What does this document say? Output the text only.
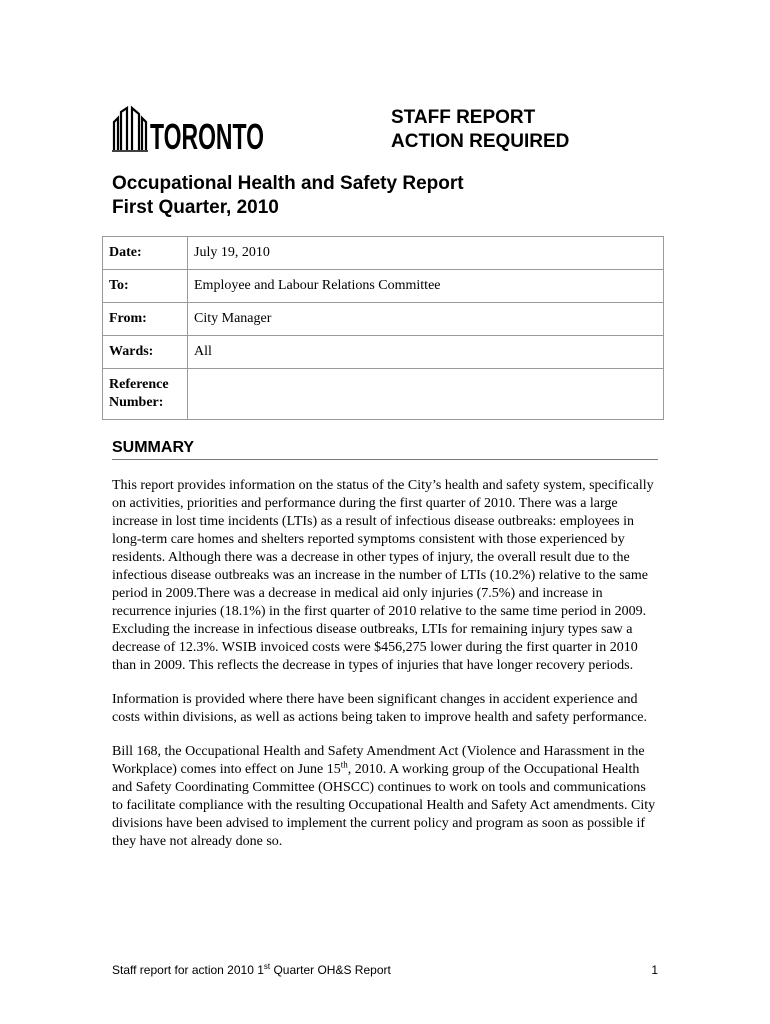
TORONTO	STAFF REPORT
ACTION REQUIRED
Occupational Health and Safety Report
First Quarter, 2010
Date:	July 19, 2010
To:	Employee and Labour Relations Committee
From:	City Manager
Wards:	All

Reference
Number:	

SUMMARY

This report provides information on the status of the City’s health and safety system, specifically on activities, priorities and performance during the first quarter of 2010. There was a large increase in lost time incidents (LTIs) as a result of infectious disease outbreaks: employees in long-term care homes and shelters reported symptoms consistent with those experienced by residents. Although there was a decrease in other types of injury, the overall result due to the infectious disease outbreaks was an increase in the number of LTIs (10.2%) relative to the same period in 2009.There was a decrease in medical aid only injuries (7.5%) and increase in recurrence injuries (18.1%) in the first quarter of 2010 relative to the same time period in 2009. Excluding the increase in infectious disease outbreaks, LTIs for remaining injury types saw a decrease of 12.3%. WSIB invoiced costs were $456,275 lower during the first quarter in 2010 than in 2009. This reflects the decrease in types of injuries that have longer recovery periods.

Information is provided where there have been significant changes in accident experience and costs within divisions, as well as actions being taken to improve health and safety performance.

Bill 168, the Occupational Health and Safety Amendment Act (Violence and Harassment in the Workplace) comes into effect on June 15th, 2010. A working group of the Occupational Health and Safety Coordinating Committee (OHSCC) continues to work on tools and communications to facilitate compliance with the resulting Occupational Health and Safety Act amendments. City divisions have been advised to implement the current policy and program as soon as possible if they have not already done so.

Staff report for action 2010 1st Quarter OH&S Report	1
